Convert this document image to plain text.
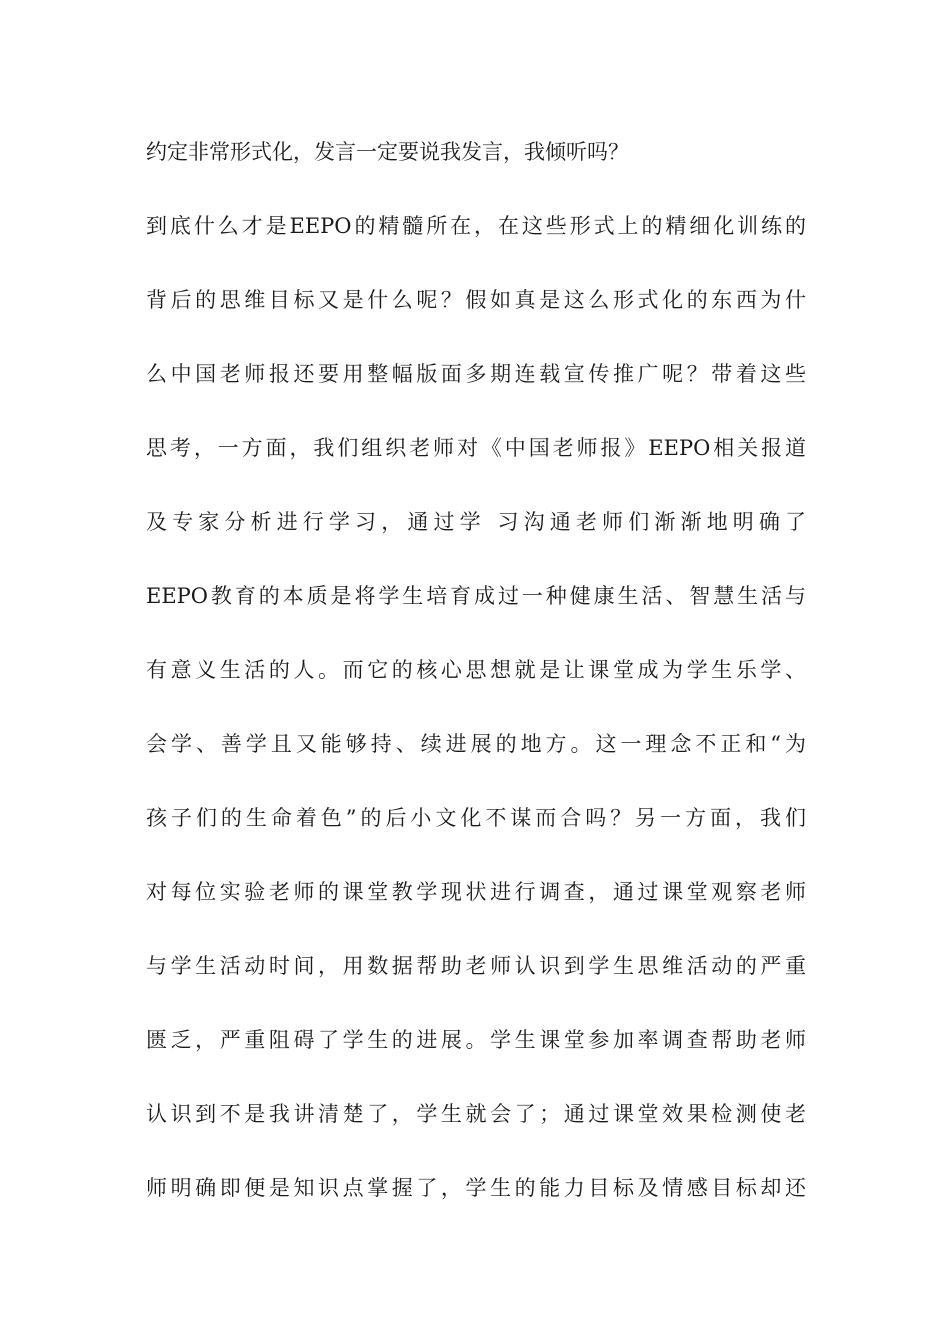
约定非常形式化，发言一定要说我发言，我倾听吗？
到底什么才是EEPO的精髓所在，在这些形式上的精细化训练的
背后的思维目标又是什么呢？假如真是这么形式化的东西为什
么中国老师报还要用整幅版面多期连载宣传推广呢？带着这些
思考，一方面，我们组织老师对《中国老师报》EEPO相关报道
及专家分析进行学习，通过学 习沟通老师们渐渐地明确了
EEPO教育的本质是将学生培育成过一种健康生活、智慧生活与
有意义生活的人。而它的核心思想就是让课堂成为学生乐学、
会学、善学且又能够持、续进展的地方。这一理念不正和“为
孩子们的生命着色”的后小文化不谋而合吗？另一方面，我们
对每位实验老师的课堂教学现状进行调查，通过课堂观察老师
与学生活动时间，用数据帮助老师认识到学生思维活动的严重
匮乏，严重阻碍了学生的进展。学生课堂参加率调查帮助老师
认识到不是我讲清楚了，学生就会了；通过课堂效果检测使老
师明确即便是知识点掌握了，学生的能力目标及情感目标却还
